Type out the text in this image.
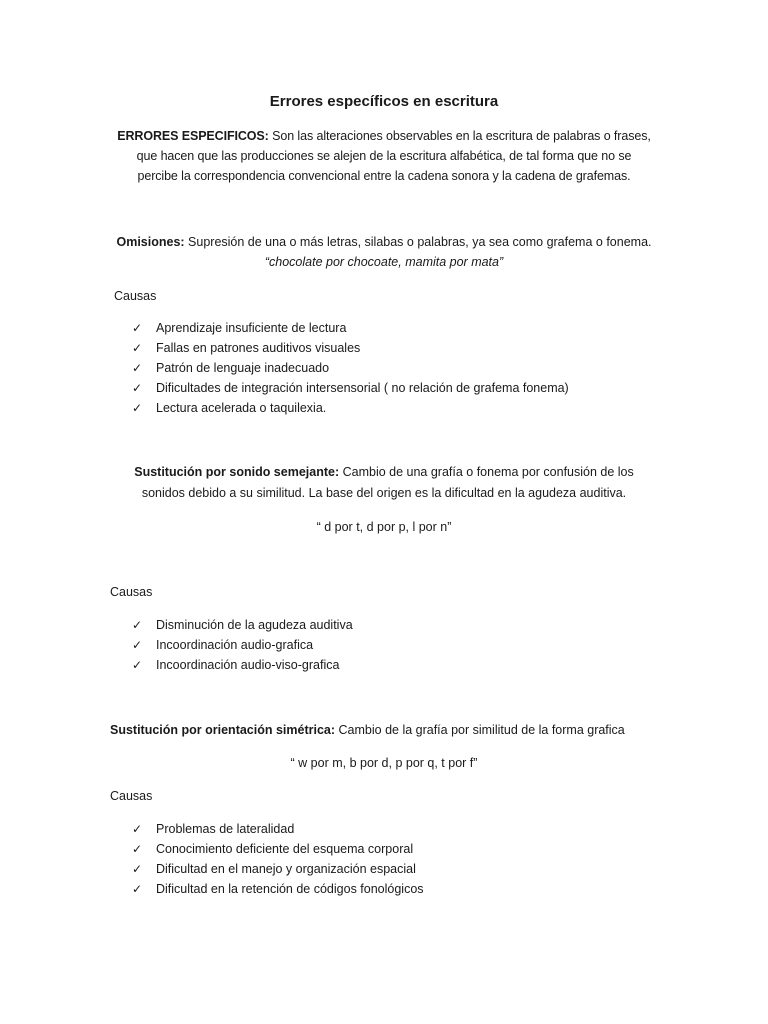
Errores específicos en escritura
ERRORES ESPECIFICOS: Son las alteraciones observables en la escritura de palabras o frases,
que hacen que las producciones se alejen de la escritura alfabética, de tal forma que no se
percibe la correspondencia convencional entre la cadena sonora y la cadena de grafemas.
Omisiones: Supresión de una o más letras, silabas o palabras, ya sea como grafema o fonema.
“chocolate por chocoate, mamita por mata”
Causas
✓ Aprendizaje insuficiente de lectura
✓ Fallas en patrones auditivos visuales
✓ Patrón de lenguaje inadecuado
✓ Dificultades de integración intersensorial ( no relación de grafema fonema)
✓ Lectura acelerada o taquilexia.
Sustitución por sonido semejante: Cambio de una grafía o fonema por confusión de los
sonidos debido a su similitud. La base del origen es la dificultad en la agudeza auditiva.
“ d por t, d por p, l por n”
Causas
✓ Disminución de la agudeza auditiva
✓ Incoordinación audio-grafica
✓ Incoordinación audio-viso-grafica
Sustitución por orientación simétrica: Cambio de la grafía por similitud de la forma grafica
“ w por m, b por d, p por q, t por f”
Causas
✓ Problemas de lateralidad
✓ Conocimiento deficiente del esquema corporal
✓ Dificultad en el manejo y organización espacial
✓ Dificultad en la retención de códigos fonológicos
